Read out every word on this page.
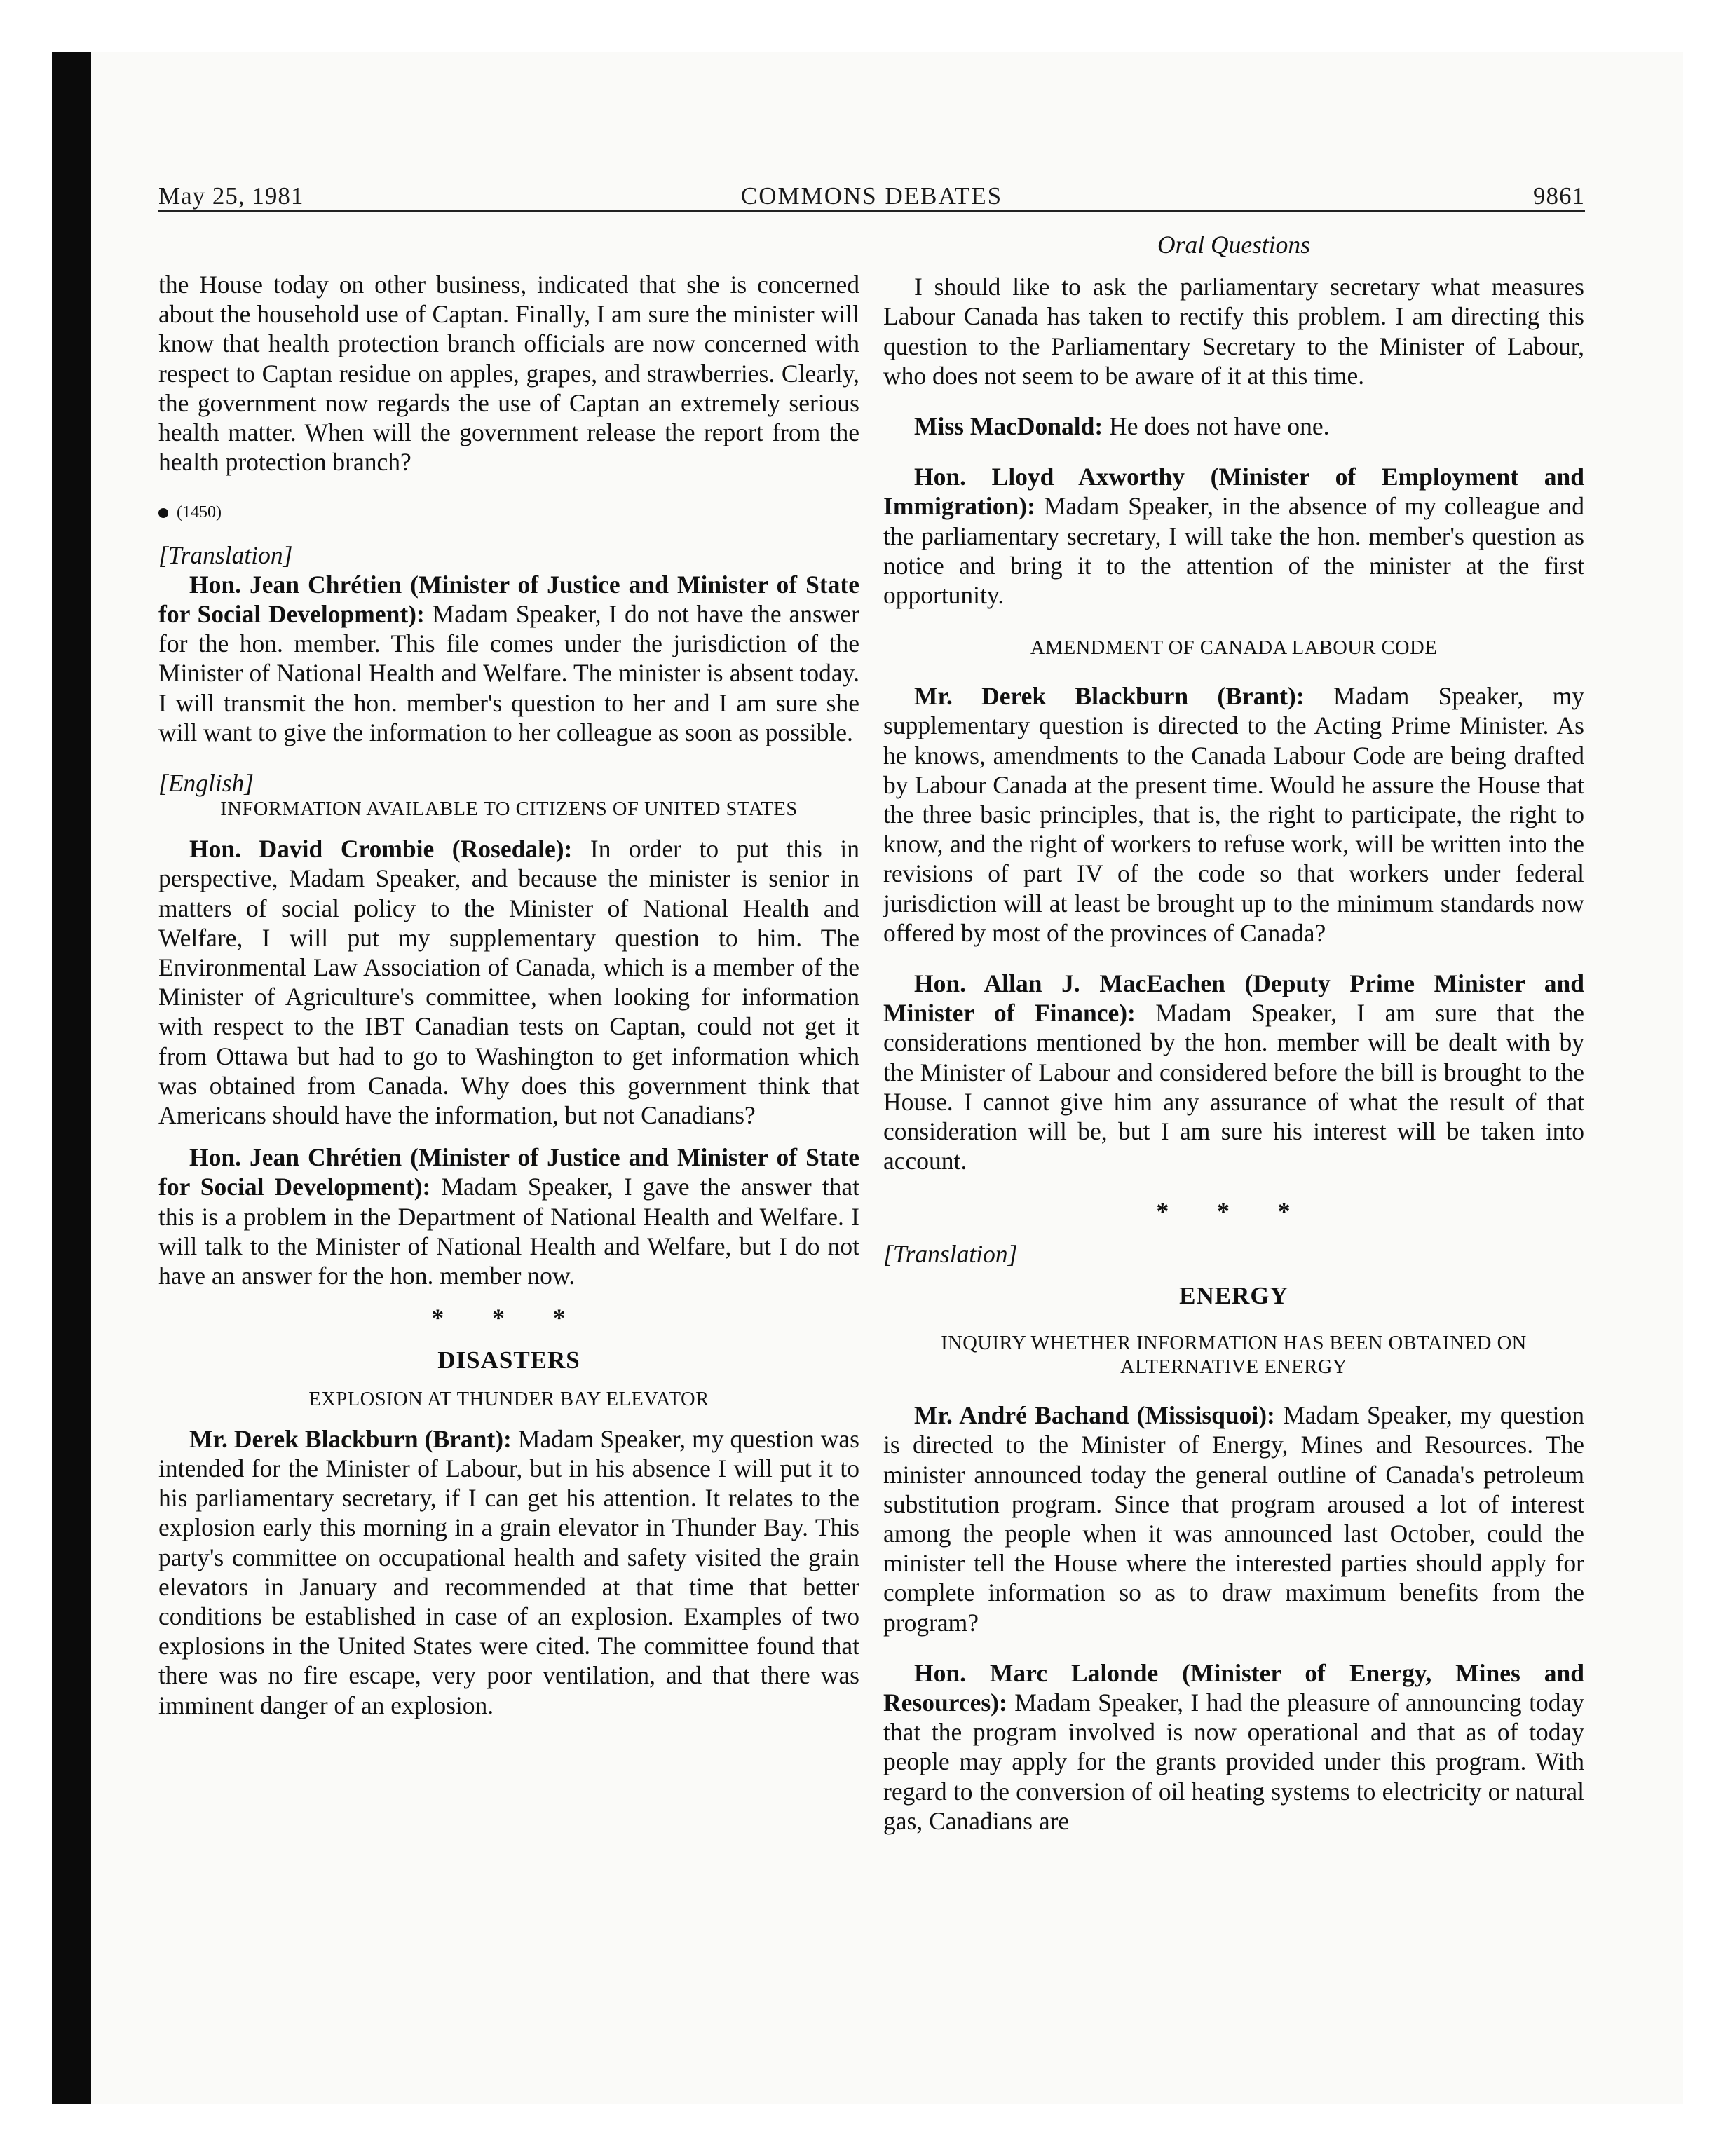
May 25, 1981	COMMONS DEBATES	9861

the House today on other business, indicated that she is concerned about the household use of Captan. Finally, I am sure the minister will know that health protection branch officials are now concerned with respect to Captan residue on apples, grapes, and strawberries. Clearly, the government now regards the use of Captan an extremely serious health matter. When will the government release the report from the health protection branch?

(1450)

[Translation]

Hon. Jean Chrétien (Minister of Justice and Minister of State for Social Development): Madam Speaker, I do not have the answer for the hon. member. This file comes under the jurisdiction of the Minister of National Health and Welfare. The minister is absent today. I will transmit the hon. member's question to her and I am sure she will want to give the information to her colleague as soon as possible.

[English]

INFORMATION AVAILABLE TO CITIZENS OF UNITED STATES

Hon. David Crombie (Rosedale): In order to put this in perspective, Madam Speaker, and because the minister is senior in matters of social policy to the Minister of National Health and Welfare, I will put my supplementary question to him. The Environmental Law Association of Canada, which is a member of the Minister of Agriculture's committee, when looking for information with respect to the IBT Canadian tests on Captan, could not get it from Ottawa but had to go to Washington to get information which was obtained from Canada. Why does this government think that Americans should have the information, but not Canadians?

Hon. Jean Chrétien (Minister of Justice and Minister of State for Social Development): Madam Speaker, I gave the answer that this is a problem in the Department of National Health and Welfare. I will talk to the Minister of National Health and Welfare, but I do not have an answer for the hon. member now.

* * *

DISASTERS

EXPLOSION AT THUNDER BAY ELEVATOR

Mr. Derek Blackburn (Brant): Madam Speaker, my question was intended for the Minister of Labour, but in his absence I will put it to his parliamentary secretary, if I can get his attention. It relates to the explosion early this morning in a grain elevator in Thunder Bay. This party's committee on occupational health and safety visited the grain elevators in January and recommended at that time that better conditions be established in case of an explosion. Examples of two explosions in the United States were cited. The committee found that there was no fire escape, very poor ventilation, and that there was imminent danger of an explosion.

Oral Questions

I should like to ask the parliamentary secretary what measures Labour Canada has taken to rectify this problem. I am directing this question to the Parliamentary Secretary to the Minister of Labour, who does not seem to be aware of it at this time.

Miss MacDonald: He does not have one.

Hon. Lloyd Axworthy (Minister of Employment and Immigration): Madam Speaker, in the absence of my colleague and the parliamentary secretary, I will take the hon. member's question as notice and bring it to the attention of the minister at the first opportunity.

AMENDMENT OF CANADA LABOUR CODE

Mr. Derek Blackburn (Brant): Madam Speaker, my supplementary question is directed to the Acting Prime Minister. As he knows, amendments to the Canada Labour Code are being drafted by Labour Canada at the present time. Would he assure the House that the three basic principles, that is, the right to participate, the right to know, and the right of workers to refuse work, will be written into the revisions of part IV of the code so that workers under federal jurisdiction will at least be brought up to the minimum standards now offered by most of the provinces of Canada?

Hon. Allan J. MacEachen (Deputy Prime Minister and Minister of Finance): Madam Speaker, I am sure that the considerations mentioned by the hon. member will be dealt with by the Minister of Labour and considered before the bill is brought to the House. I cannot give him any assurance of what the result of that consideration will be, but I am sure his interest will be taken into account.

* * *

[Translation]

ENERGY

INQUIRY WHETHER INFORMATION HAS BEEN OBTAINED ON ALTERNATIVE ENERGY

Mr. André Bachand (Missisquoi): Madam Speaker, my question is directed to the Minister of Energy, Mines and Resources. The minister announced today the general outline of Canada's petroleum substitution program. Since that program aroused a lot of interest among the people when it was announced last October, could the minister tell the House where the interested parties should apply for complete information so as to draw maximum benefits from the program?

Hon. Marc Lalonde (Minister of Energy, Mines and Resources): Madam Speaker, I had the pleasure of announcing today that the program involved is now operational and that as of today people may apply for the grants provided under this program. With regard to the conversion of oil heating systems to electricity or natural gas, Canadians are
